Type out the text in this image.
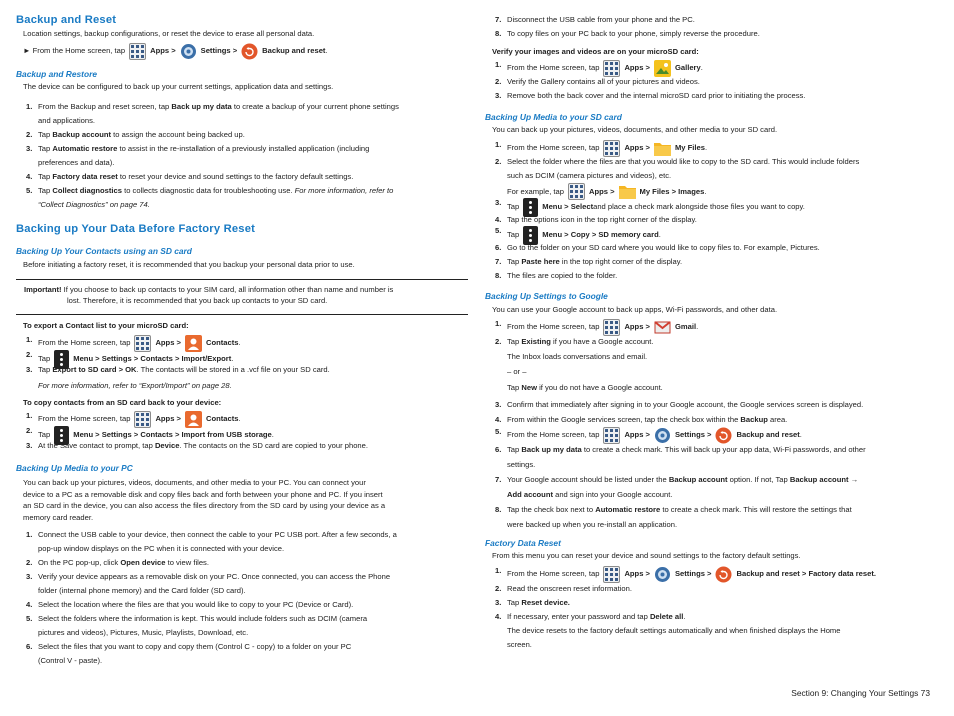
Backup and Reset
Location settings, backup configurations, or reset the device to erase all personal data.
►
From the Home screen, tap	Apps >	Settings >	Backup and reset .
Backup and Restore
The device can be configured to back up your current settings, application data and settings.
1. From the Backup and reset screen, tap Back up my data to create a backup of your current phone settings
and applications.
2. Tap Backup account to assign the account being backed up.
3. Tap Automatic restore to assist in the re-installation of a previously installed application (including
preferences and data).
4. Tap Factory data reset to reset your device and sound settings to the factory default settings.
5. Tap Collect diagnostics to collects diagnostic data for troubleshooting use. For more information, refer to
“Collect Diagnostics” on page 74.
Backing up Your Data Before Factory Reset
Backing Up Your Contacts using an SD card
Before initiating a factory reset, it is recommended that you backup your personal data prior to use.
Important! If you choose to back up contacts to your SIM card, all information other than name and number is
lost. Therefore, it is recommended that you back up contacts to your SD card.
To export a Contact list to your microSD card:
1. From the Home screen, tap	Apps >	Contacts .
2. Tap	Menu > Settings > Contacts > Import/Export .
3. Tap Export to SD card > OK. The contacts will be stored in a .vcf file on your SD card.
For more information, refer to “Export/Import” on page 28.
To copy contacts from an SD card back to your device:
1. From the Home screen, tap	Apps >	Contacts .
2. Tap	Menu > Settings > Contacts > Import from USB storage .
3. At the Save contact to prompt, tap Device. The contacts on the SD card are copied to your phone.
Backing Up Media to your PC
You can back up your pictures, videos, documents, and other media to your PC. You can connect your
device to a PC as a removable disk and copy files back and forth between your phone and PC. If you insert
an SD card in the device, you can also access the files directory from the SD card by using your device as a
memory card reader.
1. Connect the USB cable to your device, then connect the cable to your PC USB port. After a few seconds, a
pop-up window displays on the PC when it is connected with your device.
2. On the PC pop-up, click Open device to view files.
3. Verify your device appears as a removable disk on your PC. Once connected, you can access the Phone
folder (internal phone memory) and the Card folder (SD card).
4. Select the location where the files are that you would like to copy to your PC (Device or Card).
5. Select the folders where the information is kept. This would include folders such as DCIM (camera
pictures and videos), Pictures, Music, Playlists, Download, etc.
6. Select the files that you want to copy and copy them (Control C - copy) to a folder on your PC
(Control V - paste).
7. Disconnect the USB cable from your phone and the PC.
8. To copy files on your PC back to your phone, simply reverse the procedure.
Verify your images and videos are on your microSD card:
1. From the Home screen, tap	Apps >	Gallery .
2. Verify the Gallery contains all of your pictures and videos.
3. Remove both the back cover and the internal microSD card prior to initiating the process.
Backing Up Media to your SD card
You can back up your pictures, videos, documents, and other media to your SD card.
1. From the Home screen, tap	Apps >	My Files .
2. Select the folder where the files are that you would like to copy to the SD card. This would include folders
such as DCIM (camera pictures and videos), etc.
For example, tap	Apps >	My Files > Images .
3. Tap	Menu > Select and place a check mark alongside those files you want to copy.
4. Tap the options icon in the top right corner of the display.
5. Tap	Menu > Copy > SD memory card .
6. Go to the folder on your SD card where you would like to copy files to. For example, Pictures.
7. Tap Paste here in the top right corner of the display.
8. The files are copied to the folder.
Backing Up Settings to Google
You can use your Google account to back up apps, Wi-Fi passwords, and other data.
1. From the Home screen, tap	Apps >	Gmail .
2. Tap Existing if you have a Google account.
The Inbox loads conversations and email.
– or –
Tap New if you do not have a Google account.
3. Confirm that immediately after signing in to your Google account, the Google services screen is displayed.
4. From within the Google services screen, tap the check box within the Backup area.
5. From the Home screen, tap	Apps >	Settings >	Backup and reset .
6. Tap Back up my data to create a check mark. This will back up your app data, Wi-Fi passwords, and other
settings.
7. Your Google account should be listed under the Backup account option. If not, Tap Backup account →
Add account and sign into your Google account.
8. Tap the check box next to Automatic restore to create a check mark. This will restore the settings that
were backed up when you re-install an application.
Factory Data Reset
From this menu you can reset your device and sound settings to the factory default settings.
1. From the Home screen, tap	Apps >	Settings >	Backup and reset > Factory data reset.
2. Read the onscreen reset information.
3. Tap Reset device.
4. If necessary, enter your password and tap Delete all.
The device resets to the factory default settings automatically and when finished displays the Home
screen.
Section 9: Changing Your Settings 73
